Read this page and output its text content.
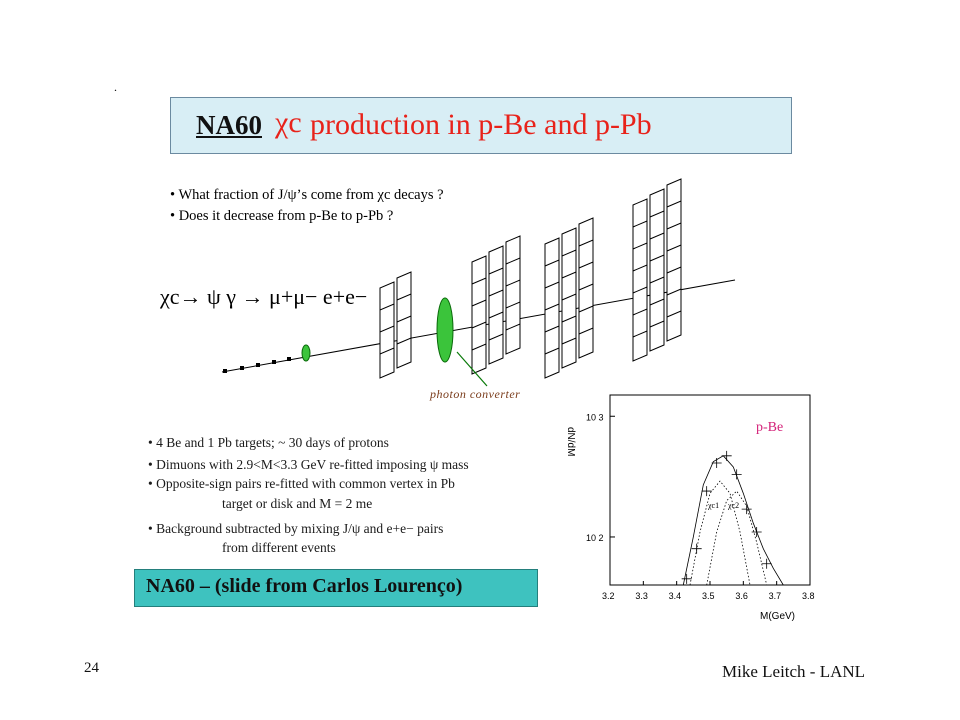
.
NA60 χc production in p-Be and p-Pb
• What fraction of J/ψ’s come from χc decays ?
• Does it decrease from p-Be to p-Pb ?
χc→ ψ γ → μ+μ− e+e−
photon converter
• 4 Be and 1 Pb targets; ~ 30 days of protons
• Dimuons with 2.9<M<3.3 GeV re-fitted imposing ψ mass
• Opposite-sign pairs re-fitted with common vertex in Pb
target or disk and M = 2 me
• Background subtracted by mixing J/ψ and e+e− pairs
from different events
NA60 – (slide from Carlos Lourenço)	3.2 3.3 3.4 3.5 3.6 3.7 3.8
10 3
10 2
dN/dM
M(GeV)
p-Be
χc1 χc2
24	Mike Leitch - LANL
